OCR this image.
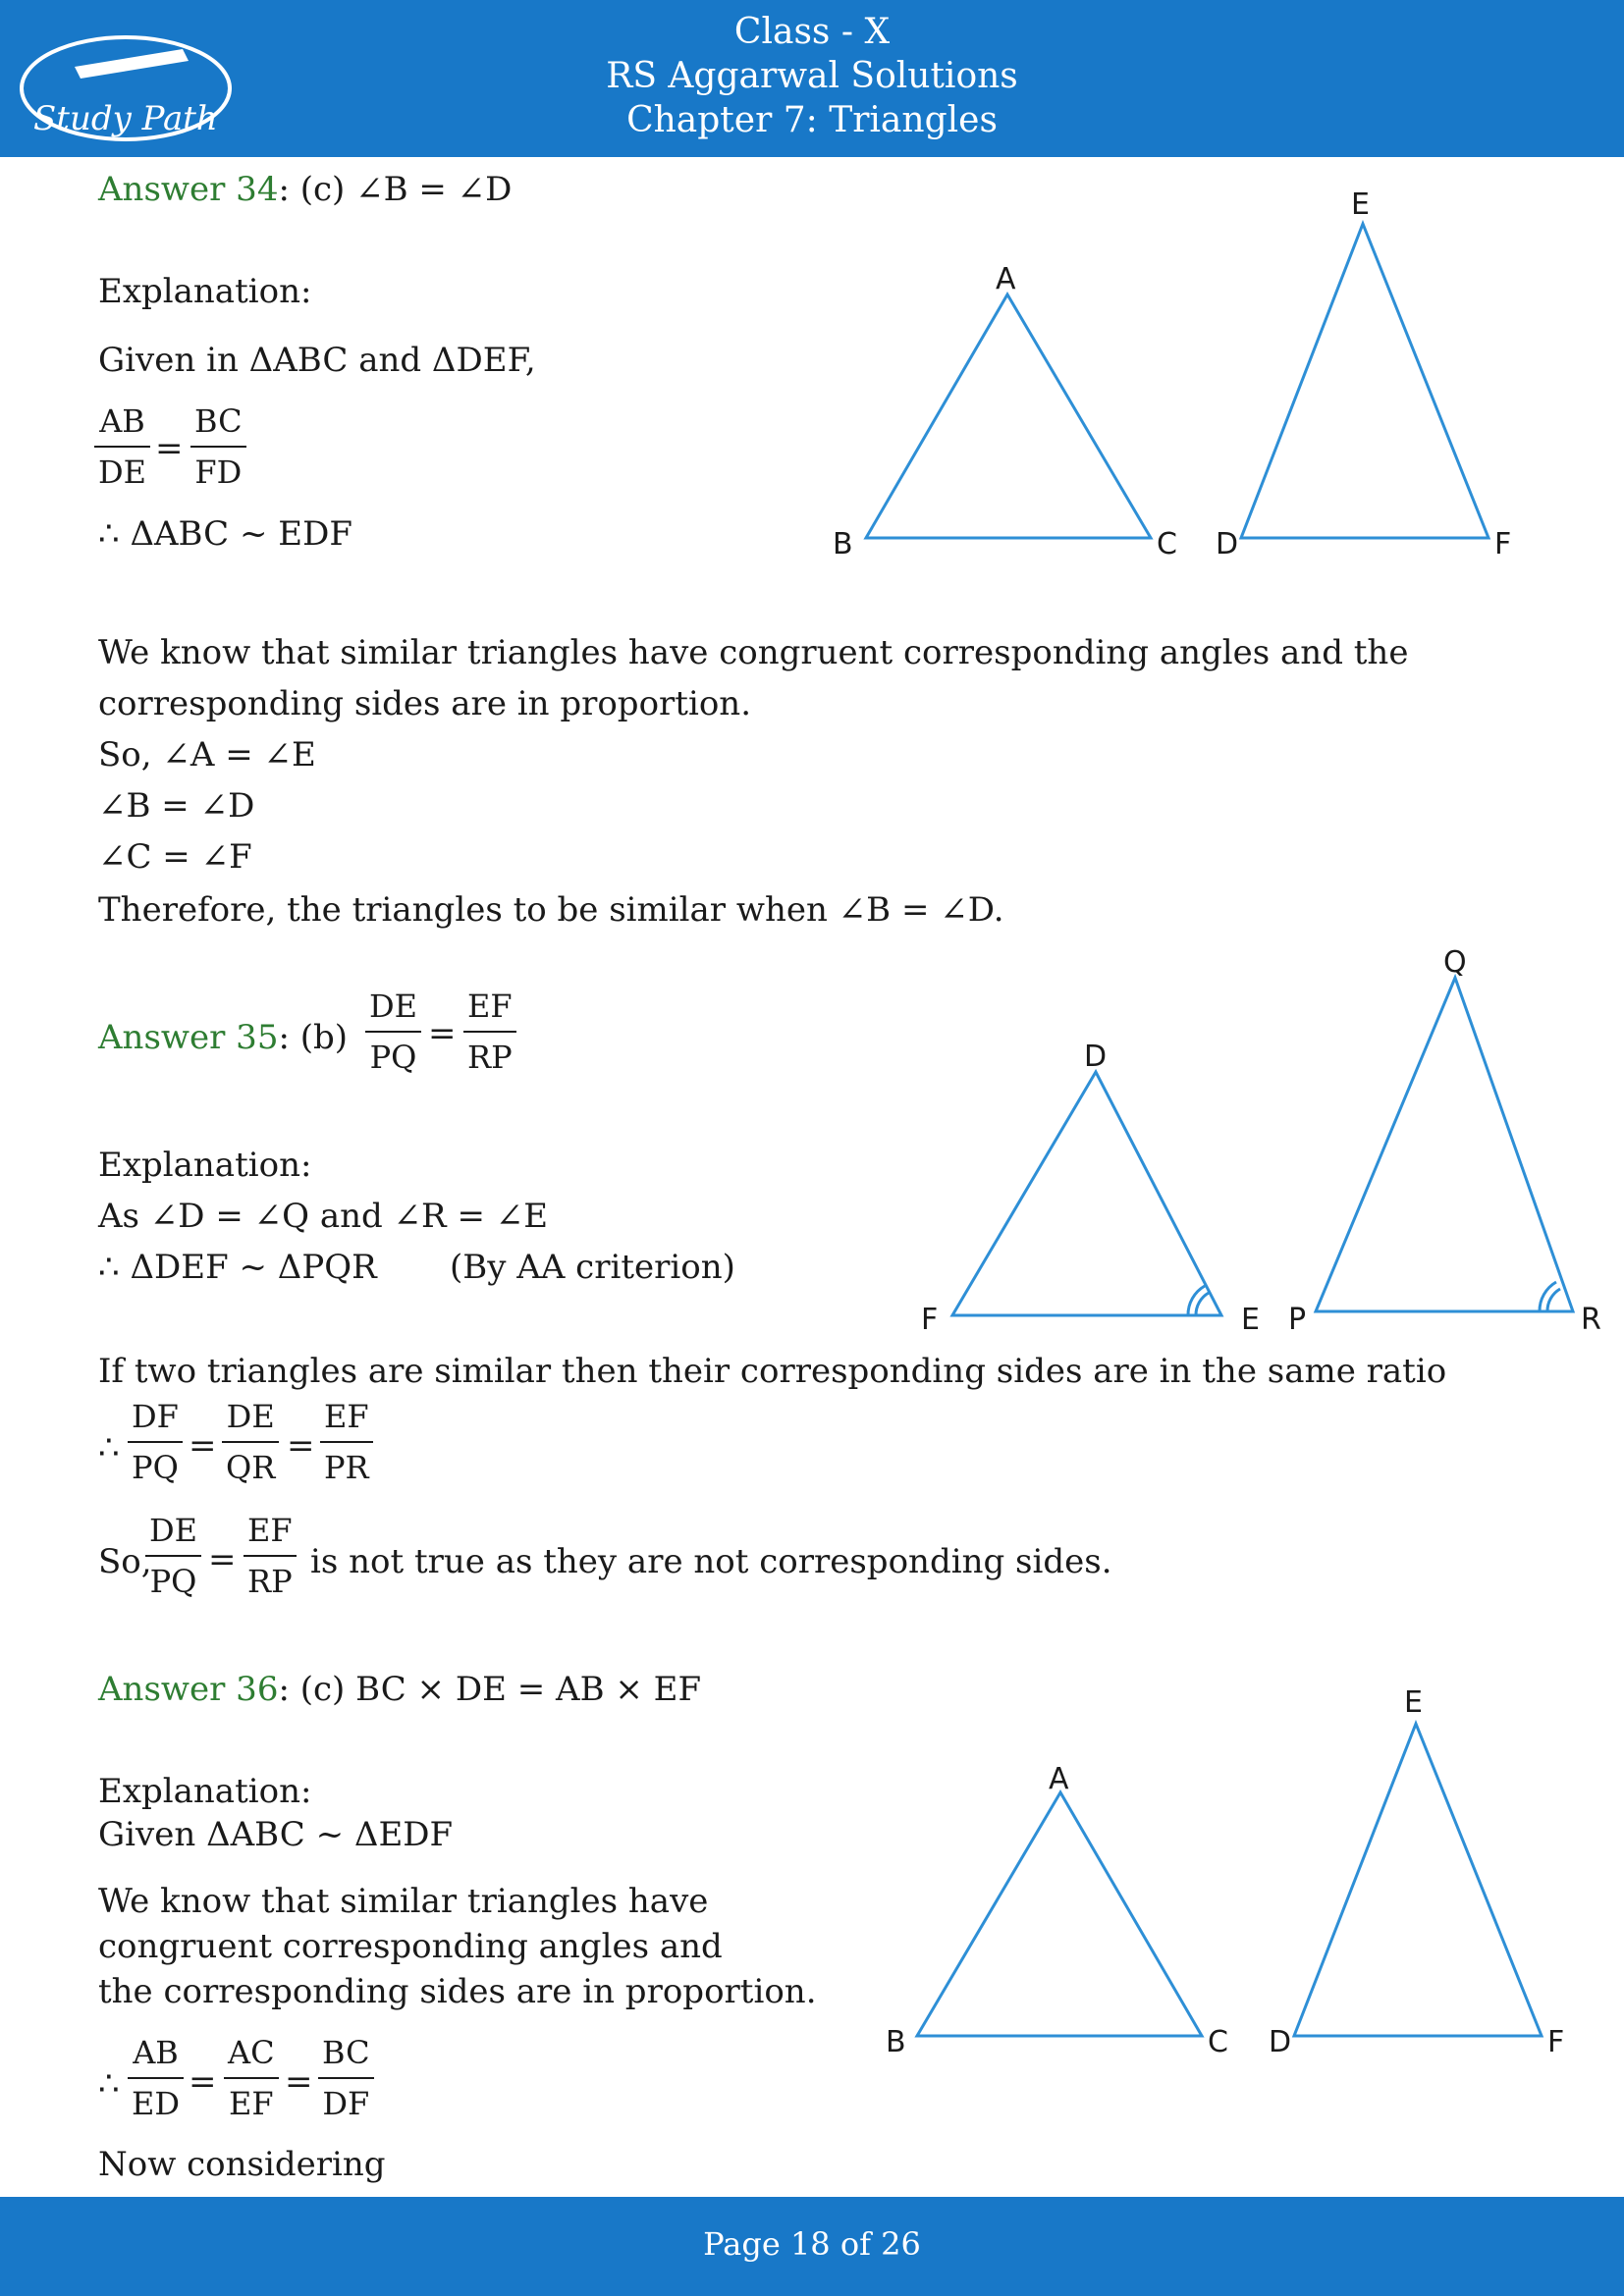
Study Path
Class - X
RS Aggarwal Solutions
Chapter 7: Triangles
Answer 34: (c) ∠B = ∠D
Explanation:
Given in ΔABC and ΔDEF,
$\frac{AB}{DE} = \frac{BC}{FD}$
∴ ΔABC ~ EDF
We know that similar triangles have congruent corresponding angles and the
corresponding sides are in proportion.
So, ∠A = ∠E
∠B = ∠D
∠C = ∠F
Therefore, the triangles to be similar when ∠B = ∠D.
A
B	C D
E
F
Answer 35: $(b) \frac{DE}{PQ} = \frac{EF}{RP}$
Explanation:
As ∠D = ∠Q and ∠R = ∠E
∴ ΔDEF ~ ΔPQR (By AA criterion)
If two triangles are similar then their corresponding sides are in the same ratio
∴ $\frac{DF}{PQ} = \frac{DE}{QR} = \frac{EF}{PR}$
So,
$\frac{DE}{PQ} = \frac{EF}{RP}$ is not true as they are not corresponding sides.
D
E
F	P
Q
R
Answer 36: (c) BC × DE = AB × EF
Explanation:
Given ΔABC ~ ΔEDF
We know that similar triangles have
congruent corresponding angles and
the corresponding sides are in proportion.
∴ $\frac{AB}{ED} = \frac{AC}{EF} = \frac{BC}{DF}$
Now considering
A
B	C D
E
F
Page 18 of 26
